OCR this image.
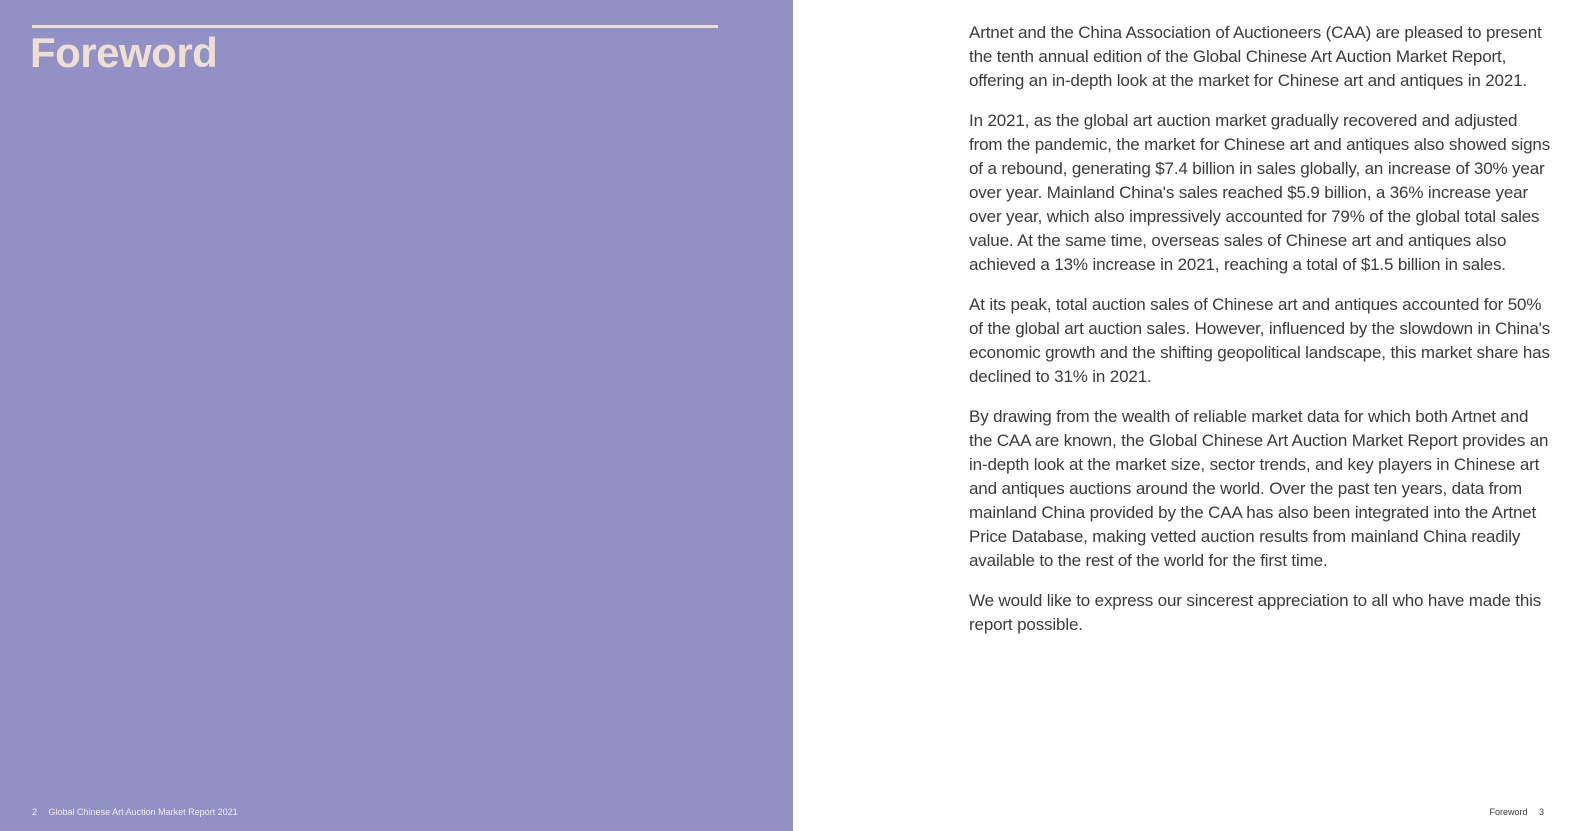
Foreword
2 Global Chinese Art Auction Market Report 2021

Artnet and the China Association of Auctioneers (CAA) are pleased to present the tenth annual edition of the Global Chinese Art Auction Market Report, offering an in-depth look at the market for Chinese art and antiques in 2021.

In 2021, as the global art auction market gradually recovered and adjusted from the pandemic, the market for Chinese art and antiques also showed signs of a rebound, generating $7.4 billion in sales globally, an increase of 30% year over year. Mainland China's sales reached $5.9 billion, a 36% increase year over year, which also impressively accounted for 79% of the global total sales value. At the same time, overseas sales of Chinese art and antiques also achieved a 13% increase in 2021, reaching a total of $1.5 billion in sales.

At its peak, total auction sales of Chinese art and antiques accounted for 50% of the global art auction sales. However, influenced by the slowdown in China's economic growth and the shifting geopolitical landscape, this market share has declined to 31% in 2021.

By drawing from the wealth of reliable market data for which both Artnet and the CAA are known, the Global Chinese Art Auction Market Report provides an in-depth look at the market size, sector trends, and key players in Chinese art and antiques auctions around the world. Over the past ten years, data from mainland China provided by the CAA has also been integrated into the Artnet Price Database, making vetted auction results from mainland China readily available to the rest of the world for the first time.

We would like to express our sincerest appreciation to all who have made this report possible.

Foreword 3
